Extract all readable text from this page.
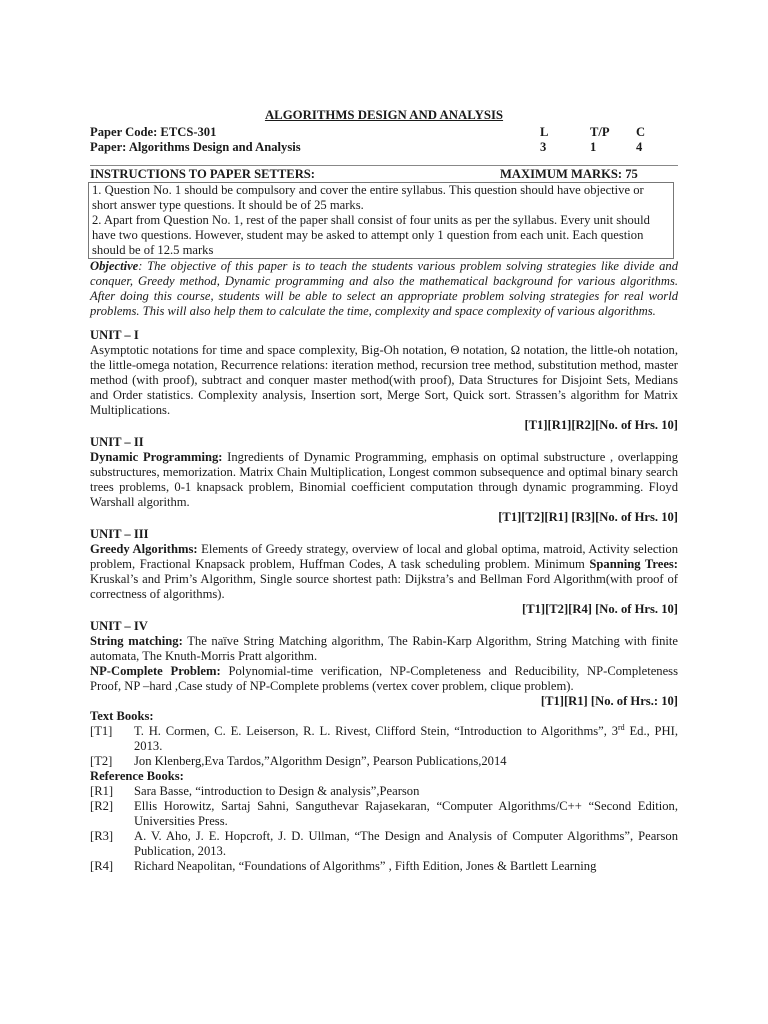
ALGORITHMS DESIGN AND ANALYSIS
Paper Code: ETCS-301	L	T/P	C
Paper: Algorithms Design and Analysis	3	1	4
INSTRUCTIONS TO PAPER SETTERS:	MAXIMUM MARKS: 75

1. Question No. 1 should be compulsory and cover the entire syllabus. This question should have objective or short answer type questions. It should be of 25 marks.

2. Apart from Question No. 1, rest of the paper shall consist of four units as per the syllabus. Every unit should have two questions. However, student may be asked to attempt only 1 question from each unit. Each question should be of 12.5 marks

Objective: The objective of this paper is to teach the students various problem solving strategies like divide and conquer, Greedy method, Dynamic programming and also the mathematical background for various algorithms. After doing this course, students will be able to select an appropriate problem solving strategies for real world problems. This will also help them to calculate the time, complexity and space complexity of various algorithms.

UNIT – I

Asymptotic notations for time and space complexity, Big-Oh notation, Θ notation, Ω notation, the little-oh notation, the little-omega notation, Recurrence relations: iteration method, recursion tree method, substitution method, master method (with proof), subtract and conquer master method(with proof), Data Structures for Disjoint Sets, Medians and Order statistics. Complexity analysis, Insertion sort, Merge Sort, Quick sort. Strassen’s algorithm for Matrix Multiplications.

[T1][R1][R2][No. of Hrs. 10]
UNIT – II

Dynamic Programming: Ingredients of Dynamic Programming, emphasis on optimal substructure , overlapping substructures, memorization. Matrix Chain Multiplication, Longest common subsequence and optimal binary search trees problems, 0-1 knapsack problem, Binomial coefficient computation through dynamic programming. Floyd Warshall algorithm.

[T1][T2][R1] [R3][No. of Hrs. 10]
UNIT – III

Greedy Algorithms: Elements of Greedy strategy, overview of local and global optima, matroid, Activity selection problem, Fractional Knapsack problem, Huffman Codes, A task scheduling problem. Minimum Spanning Trees: Kruskal’s and Prim’s Algorithm, Single source shortest path: Dijkstra’s and Bellman Ford Algorithm(with proof of correctness of algorithms).

[T1][T2][R4] [No. of Hrs. 10]
UNIT – IV

String matching: The naïve String Matching algorithm, The Rabin-Karp Algorithm, String Matching with finite automata, The Knuth-Morris Pratt algorithm.

NP-Complete Problem: Polynomial-time verification, NP-Completeness and Reducibility, NP-Completeness Proof, NP –hard ,Case study of NP-Complete problems (vertex cover problem, clique problem).

[T1][R1] [No. of Hrs.: 10]
Text Books:
[T1]	T. H. Cormen, C. E. Leiserson, R. L. Rivest, Clifford Stein, “Introduction to Algorithms”, 3rd Ed., PHI, 2013.
[T2]	Jon Klenberg,Eva Tardos,”Algorithm Design”, Pearson Publications,2014
Reference Books:
[R1]	Sara Basse, “introduction to Design & analysis”,Pearson
[R2]	Ellis Horowitz, Sartaj Sahni, Sanguthevar Rajasekaran, “Computer Algorithms/C++ “Second Edition, Universities Press.
[R3]	A. V. Aho, J. E. Hopcroft, J. D. Ullman, “The Design and Analysis of Computer Algorithms”, Pearson Publication, 2013.
[R4]	Richard Neapolitan, “Foundations of Algorithms” , Fifth Edition, Jones & Bartlett Learning
